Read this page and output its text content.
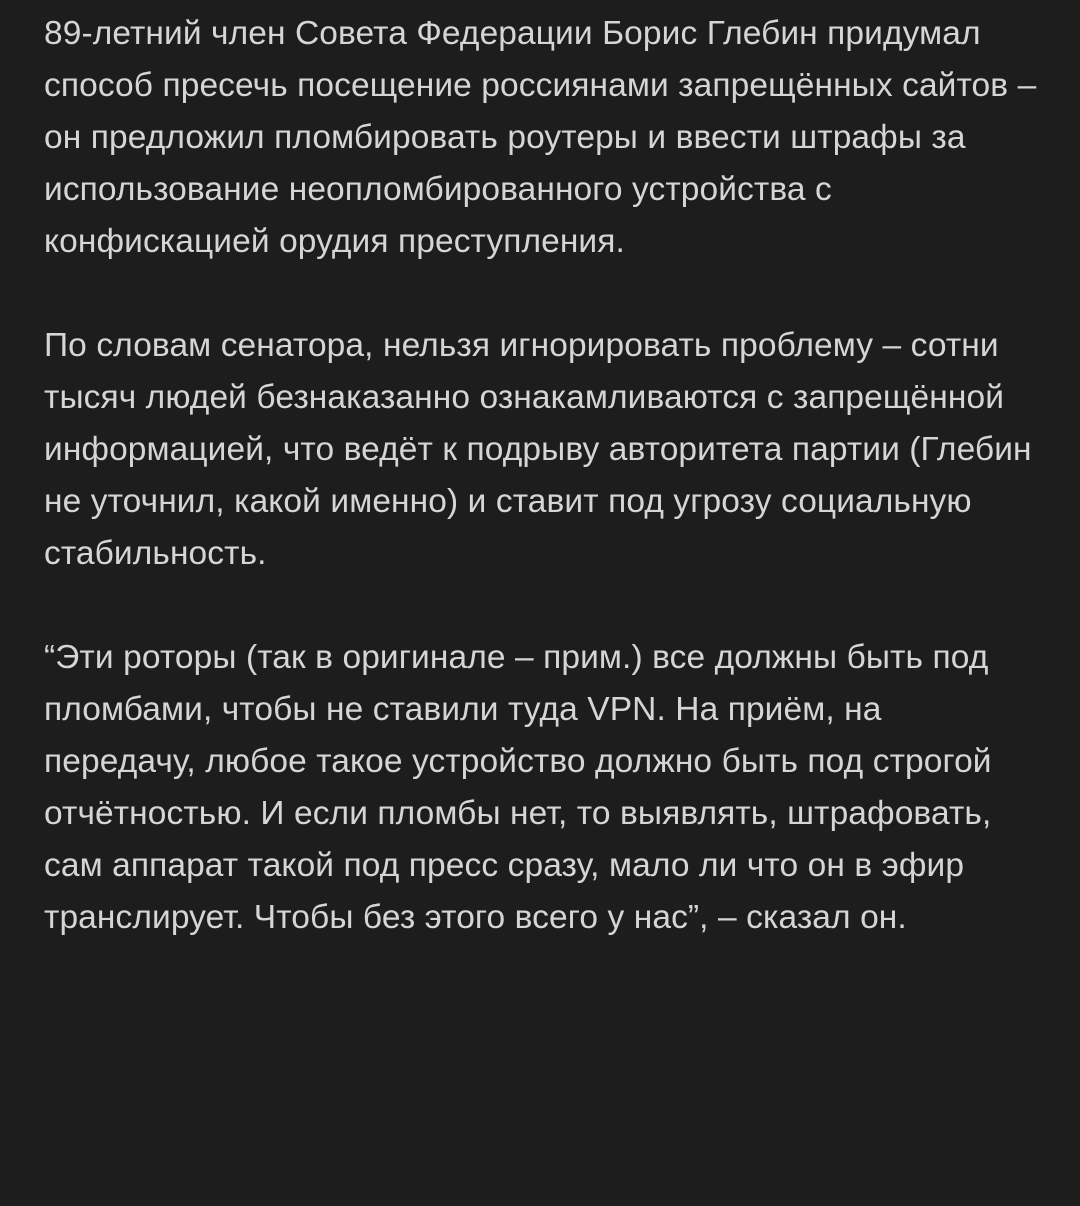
89-летний член Совета Федерации Борис Глебин придумал способ пресечь посещение россиянами запрещённых сайтов – он предложил пломбировать роутеры и ввести штрафы за использование неопломбированного устройства с конфискацией орудия преступления.

По словам сенатора, нельзя игнорировать проблему – сотни тысяч людей безнаказанно ознакамливаются с запрещённой информацией, что ведёт к подрыву авторитета партии (Глебин не уточнил, какой именно) и ставит под угрозу социальную стабильность.

“Эти роторы (так в оригинале – прим.) все должны быть под пломбами, чтобы не ставили туда VPN. На приём, на передачу, любое такое устройство должно быть под строгой отчётностью. И если пломбы нет, то выявлять, штрафовать, сам аппарат такой под пресс сразу, мало ли что он в эфир транслирует. Чтобы без этого всего у нас”, – сказал он.
